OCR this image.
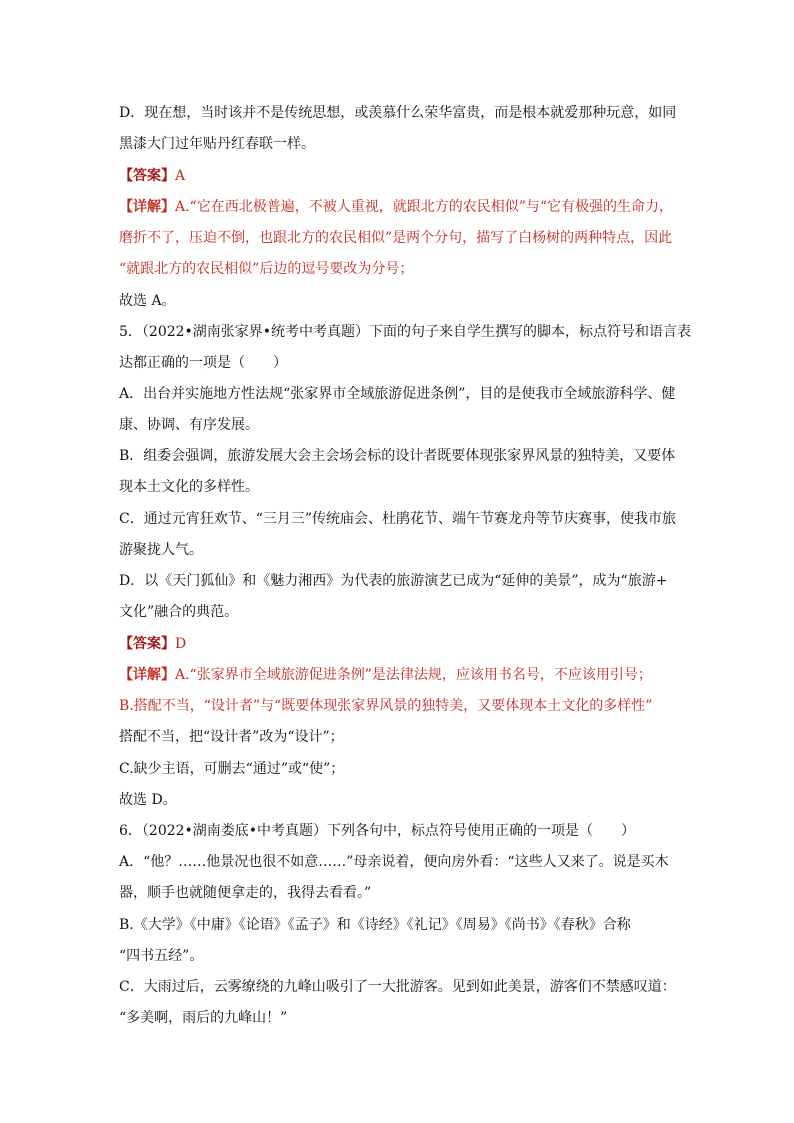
D．现在想，当时该并不是传统思想，或羡慕什么荣华富贵，而是根本就爱那种玩意，如同
黑漆大门过年贴丹红春联一样。
【答案】A
【详解】A.“它在西北极普遍，不被人重视，就跟北方的农民相似”与“它有极强的生命力，
磨折不了，压迫不倒，也跟北方的农民相似”是两个分句，描写了白杨树的两种特点，因此
“就跟北方的农民相似”后边的逗号要改为分号；
故选 A。
5．（2022•湖南张家界•统考中考真题）下面的句子来自学生撰写的脚本，标点符号和语言表
达都正确的一项是（　　）
A．出台并实施地方性法规“张家界市全域旅游促进条例”，目的是使我市全域旅游科学、健
康、协调、有序发展。
B．组委会强调，旅游发展大会主会场会标的设计者既要体现张家界风景的独特美，又要体
现本土文化的多样性。
C．通过元宵狂欢节、“三月三”传统庙会、杜鹃花节、端午节赛龙舟等节庆赛事，使我市旅
游聚拢人气。
D．以《天门狐仙》和《魅力湘西》为代表的旅游演艺已成为“延伸的美景”，成为“旅游+
文化”融合的典范。
【答案】D
【详解】A.“张家界市全域旅游促进条例”是法律法规，应该用书名号，不应该用引号；
B.搭配不当，“设计者”与“既要体现张家界风景的独特美，又要体现本土文化的多样性”
搭配不当，把“设计者”改为“设计”；
C.缺少主语，可删去“通过”或“使”；
故选 D。
6．（2022•湖南娄底•中考真题）下列各句中，标点符号使用正确的一项是（　　）
A．“他？……他景况也很不如意……”母亲说着，便向房外看：“这些人又来了。说是买木
器，顺手也就随便拿走的，我得去看看。”
B.《大学》《中庸》《论语》《孟子》和《诗经》《礼记》《周易》《尚书》《春秋》合称
“四书五经”。
C．大雨过后，云雾缭绕的九峰山吸引了一大批游客。见到如此美景，游客们不禁感叹道：
“多美啊，雨后的九峰山！”
